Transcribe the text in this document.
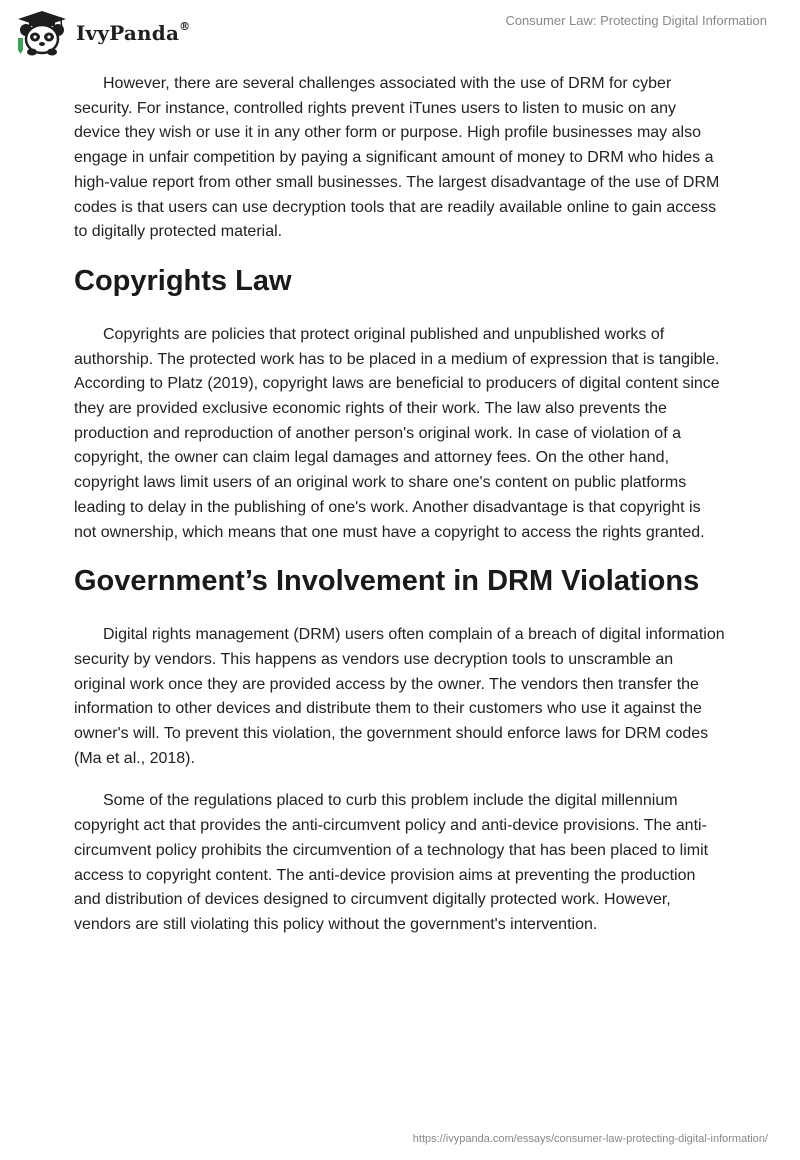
IvyPanda®	Consumer Law: Protecting Digital Information

However, there are several challenges associated with the use of DRM for cyber security. For instance, controlled rights prevent iTunes users to listen to music on any device they wish or use it in any other form or purpose. High profile businesses may also engage in unfair competition by paying a significant amount of money to DRM who hides a high-value report from other small businesses. The largest disadvantage of the use of DRM codes is that users can use decryption tools that are readily available online to gain access to digitally protected material.

Copyrights Law

Copyrights are policies that protect original published and unpublished works of authorship. The protected work has to be placed in a medium of expression that is tangible. According to Platz (2019), copyright laws are beneficial to producers of digital content since they are provided exclusive economic rights of their work. The law also prevents the production and reproduction of another person's original work. In case of violation of a copyright, the owner can claim legal damages and attorney fees. On the other hand, copyright laws limit users of an original work to share one's content on public platforms leading to delay in the publishing of one's work. Another disadvantage is that copyright is not ownership, which means that one must have a copyright to access the rights granted.

Government’s Involvement in DRM Violations

Digital rights management (DRM) users often complain of a breach of digital information security by vendors. This happens as vendors use decryption tools to unscramble an original work once they are provided access by the owner. The vendors then transfer the information to other devices and distribute them to their customers who use it against the owner's will. To prevent this violation, the government should enforce laws for DRM codes (Ma et al., 2018).

Some of the regulations placed to curb this problem include the digital millennium copyright act that provides the anti-circumvent policy and anti-device provisions. The anti-circumvent policy prohibits the circumvention of a technology that has been placed to limit access to copyright content. The anti-device provision aims at preventing the production and distribution of devices designed to circumvent digitally protected work. However, vendors are still violating this policy without the government's intervention.

https://ivypanda.com/essays/consumer-law-protecting-digital-information/
